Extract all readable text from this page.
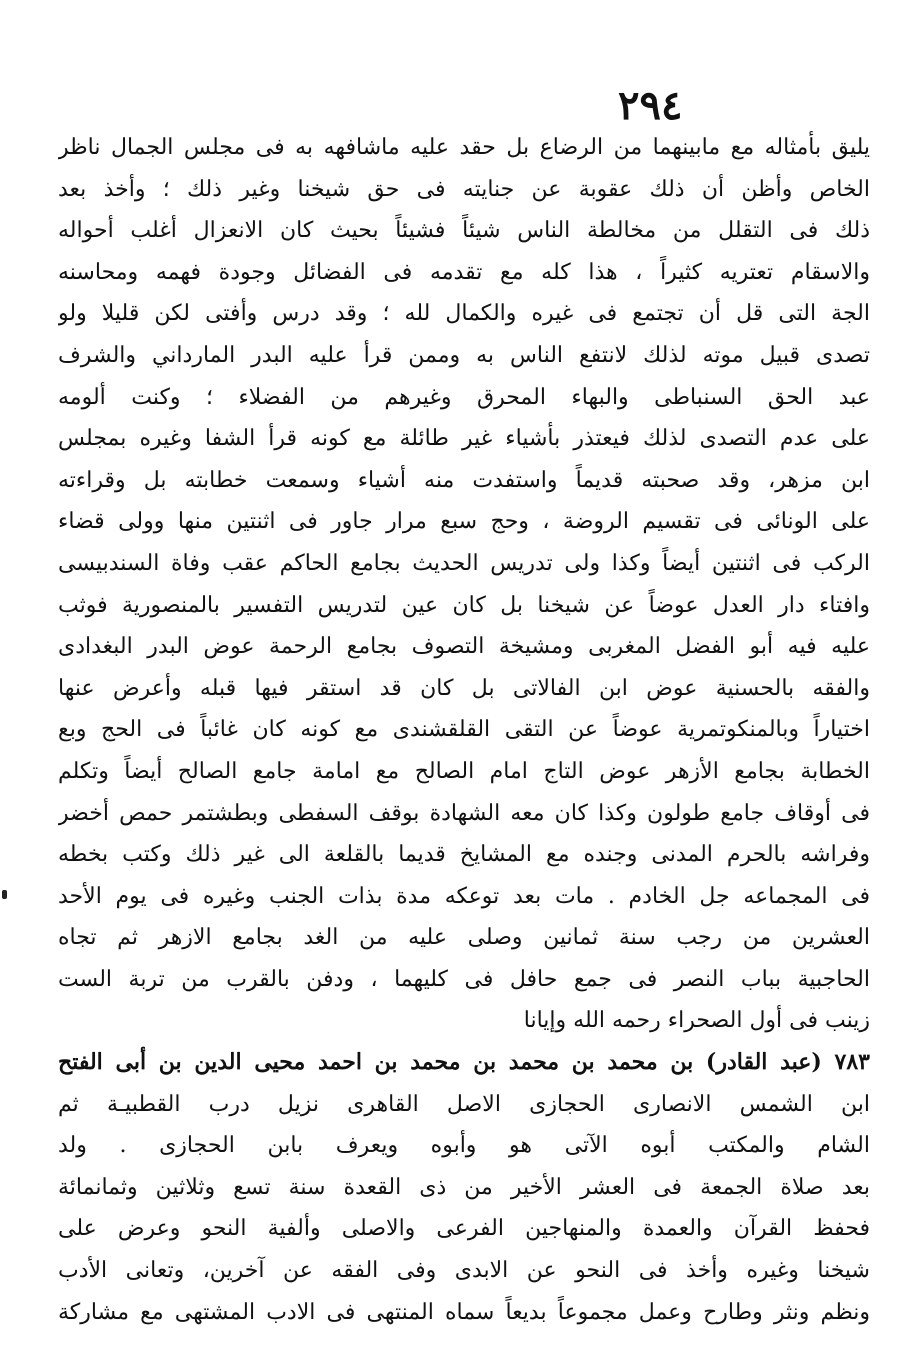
٢٩٤
يليق بأمثاله مع مابينهما من الرضاع بل حقد عليه ماشافهه به فى مجلس الجمال ناظر
الخاص وأظن أن ذلك عقوبة عن جنايته فى حق شيخنا وغير ذلك ؛ وأخذ بعد
ذلك فى التقلل من مخالطة الناس شيئاً فشيئاً بحيث كان الانعزال أغلب أحواله
والاسقام تعتريه كثيراً ، هذا كله مع تقدمه فى الفضائل وجودة فهمه ومحاسنه
الجة التى قل أن تجتمع فى غيره والكمال لله ؛ وقد درس وأفتى لكن قليلا ولو
تصدى قبيل موته لذلك لانتفع الناس به وممن قرأ عليه البدر المارداني والشرف
عبد الحق السنباطى والبهاء المحرق وغيرهم من الفضلاء ؛ وكنت ألومه
على عدم التصدى لذلك فيعتذر بأشياء غير طائلة مع كونه قرأ الشفا وغيره بمجلس
ابن مزهر، وقد صحبته قديماً واستفدت منه أشياء وسمعت خطابته بل وقراءته
على الونائى فى تقسيم الروضة ، وحج سبع مرار جاور فى اثنتين منها وولى قضاء
الركب فى اثنتين أيضاً وكذا ولى تدريس الحديث بجامع الحاكم عقب وفاة السندبيسى
وافتاء دار العدل عوضاً عن شيخنا بل كان عين لتدريس التفسير بالمنصورية فوثب
عليه فيه أبو الفضل المغربى ومشيخة التصوف بجامع الرحمة عوض البدر البغدادى
والفقه بالحسنية عوض ابن الفالاتى بل كان قد استقر فيها قبله وأعرض عنها
اختياراً وبالمنكوتمرية عوضاً عن التقى القلقشندى مع كونه كان غائباً فى الحج وبع
الخطابة بجامع الأزهر عوض التاج امام الصالح مع امامة جامع الصالح أيضاً وتكلم
فى أوقاف جامع طولون وكذا كان معه الشهادة بوقف السفطى وبطشتمر حمص أخضر
وفراشه بالحرم المدنى وجنده مع المشايخ قديما بالقلعة الى غير ذلك وكتب بخطه
فى المجماعه جل الخادم . مات بعد توعكه مدة بذات الجنب وغيره فى يوم الأحد
العشرين من رجب سنة ثمانين وصلى عليه من الغد بجامع الازهر ثم تجاه
الحاجبية بباب النصر فى جمع حافل فى كليهما ، ودفن بالقرب من تربة الست
زينب فى أول الصحراء رحمه الله وإيانا
٧٨٣ (عبد القادر) بن محمد بن محمد بن محمد بن احمد محيى الدين بن أبى الفتح
ابن الشمس الانصارى الحجازى الاصل القاهرى نزيل درب القطبيـة ثم
الشام والمكتب أبوه الآتى هو وأبوه ويعرف بابن الحجازى . ولد
بعد صلاة الجمعة فى العشر الأخير من ذى القعدة سنة تسع وثلاثين وثمانمائة
فحفظ القرآن والعمدة والمنهاجين الفرعى والاصلى وألفية النحو وعرض على
شيخنا وغيره وأخذ فى النحو عن الابدى وفى الفقه عن آخرين، وتعانى الأدب
ونظم ونثر وطارح وعمل مجموعاً بديعاً سماه المنتهى فى الادب المشتهى مع مشاركة
